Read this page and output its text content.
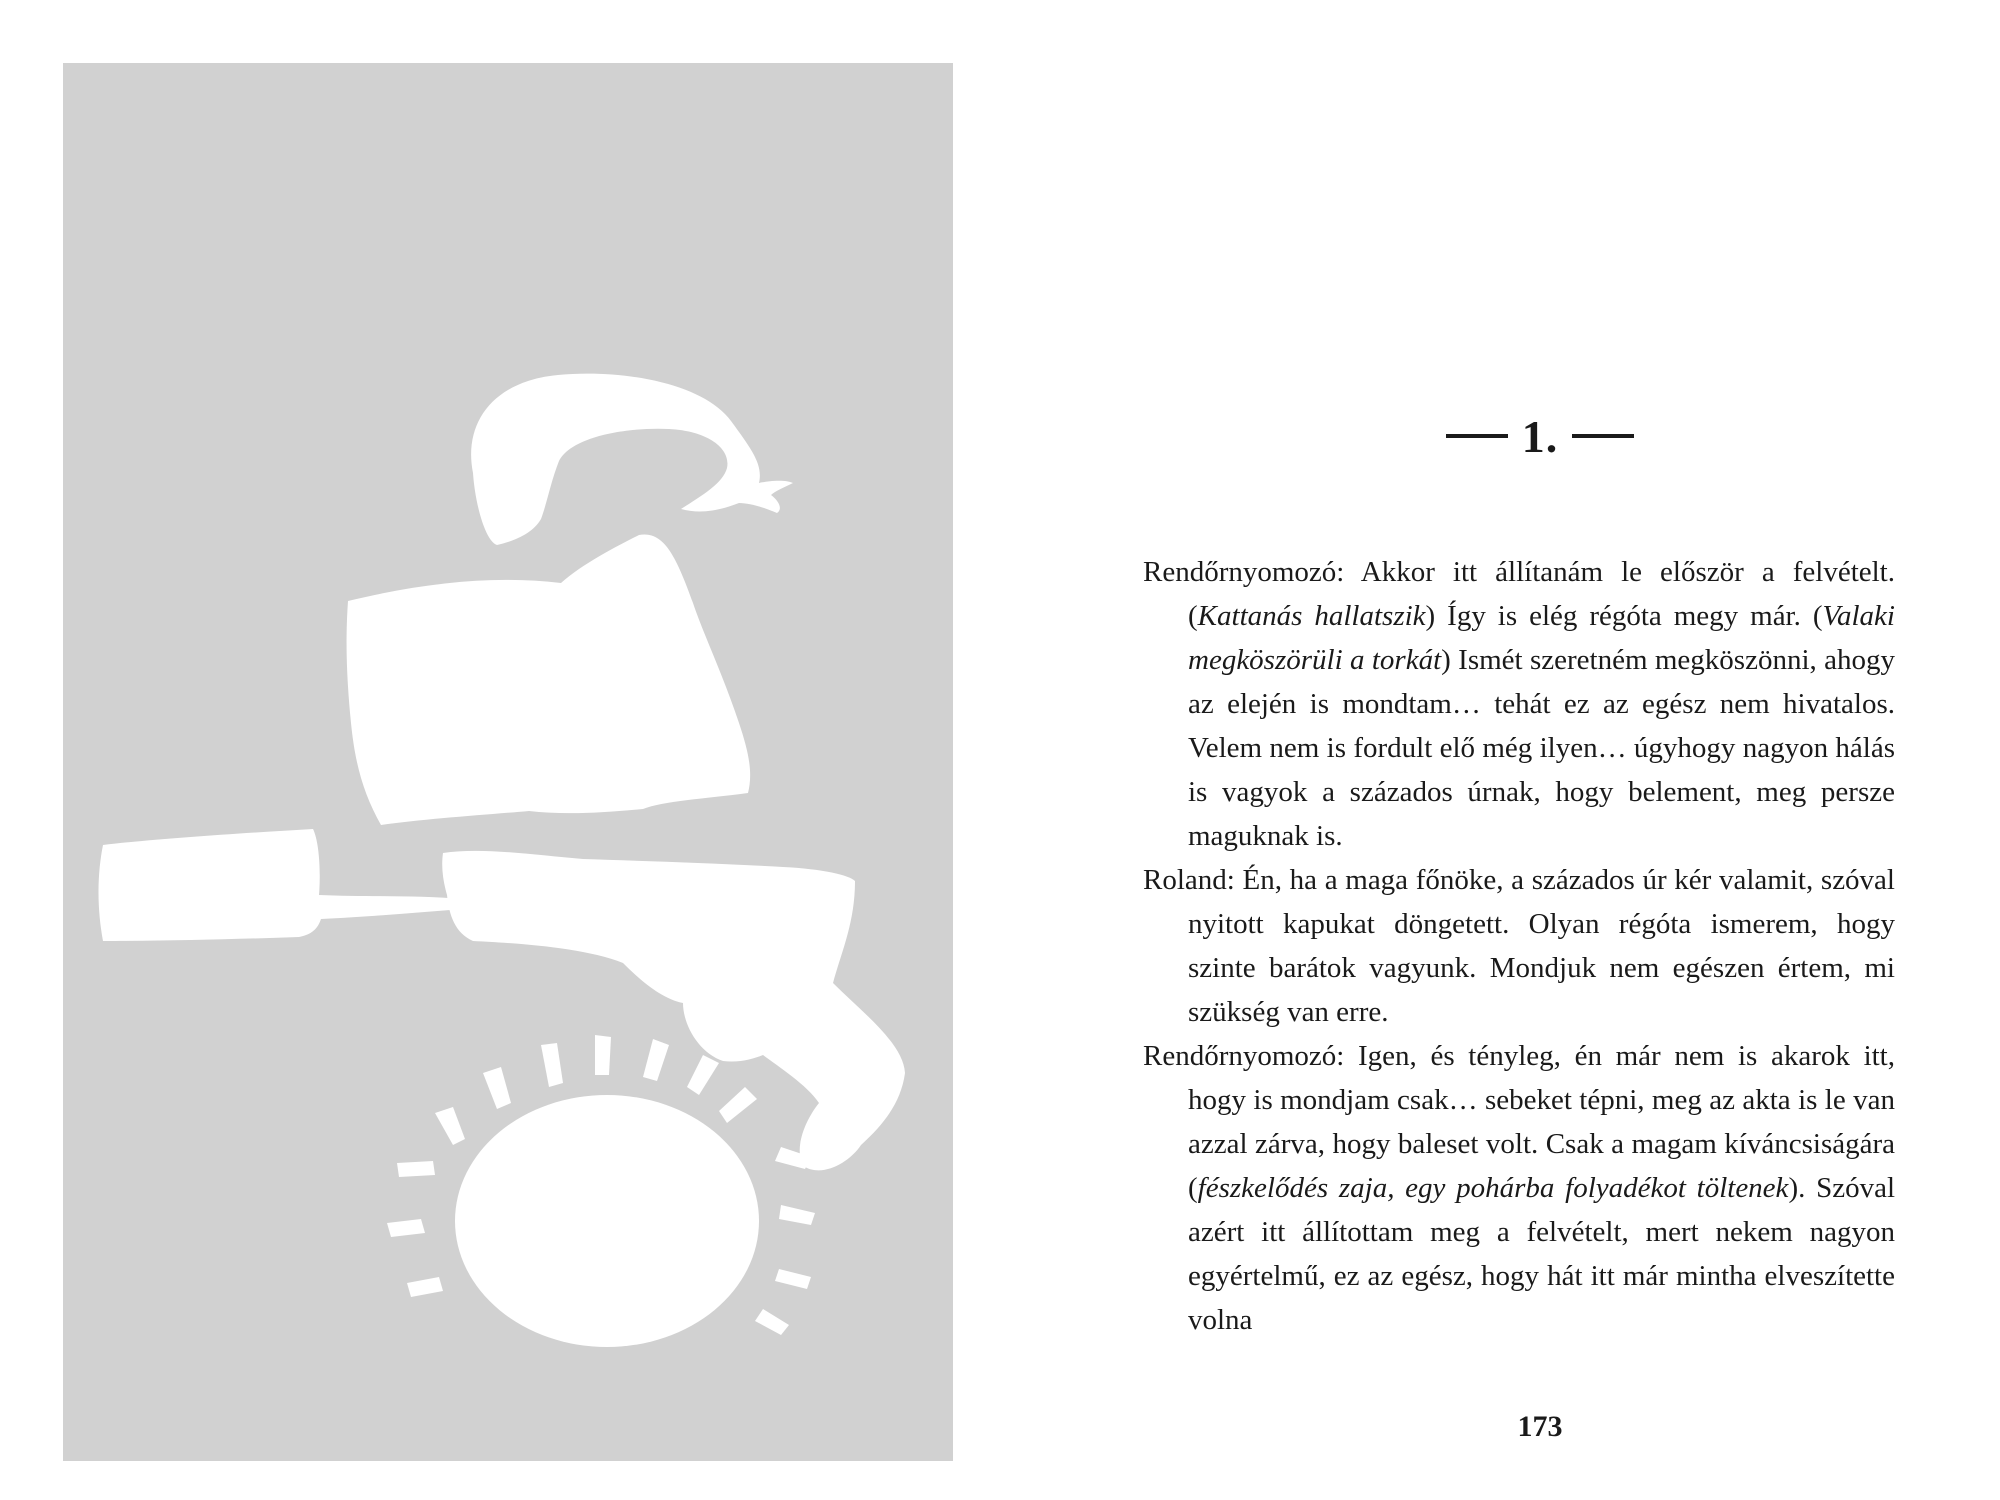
1.

Rendőrnyomozó: Akkor itt állítanám le először a felvételt. (Kattanás hallatszik) Így is elég régóta megy már. (Valaki megköszörüli a torkát) Ismét szeretném megköszönni, ahogy az elején is mondtam… tehát ez az egész nem hivatalos. Velem nem is fordult elő még ilyen… úgyhogy nagyon hálás is vagyok a százados úrnak, hogy belement, meg persze maguknak is.

Roland: Én, ha a maga főnöke, a százados úr kér valamit, szóval nyitott kapukat döngetett. Olyan régóta ismerem, hogy szinte barátok vagyunk. Mondjuk nem egészen értem, mi szükség van erre.

Rendőrnyomozó: Igen, és tényleg, én már nem is akarok itt, hogy is mondjam csak… sebeket tépni, meg az akta is le van azzal zárva, hogy baleset volt. Csak a magam kíváncsiságára (fészkelődés zaja, egy pohárba folyadékot töltenek). Szóval azért itt állítottam meg a felvételt, mert nekem nagyon egyértelmű, ez az egész, hogy hát itt már mintha elveszítette volna

173
